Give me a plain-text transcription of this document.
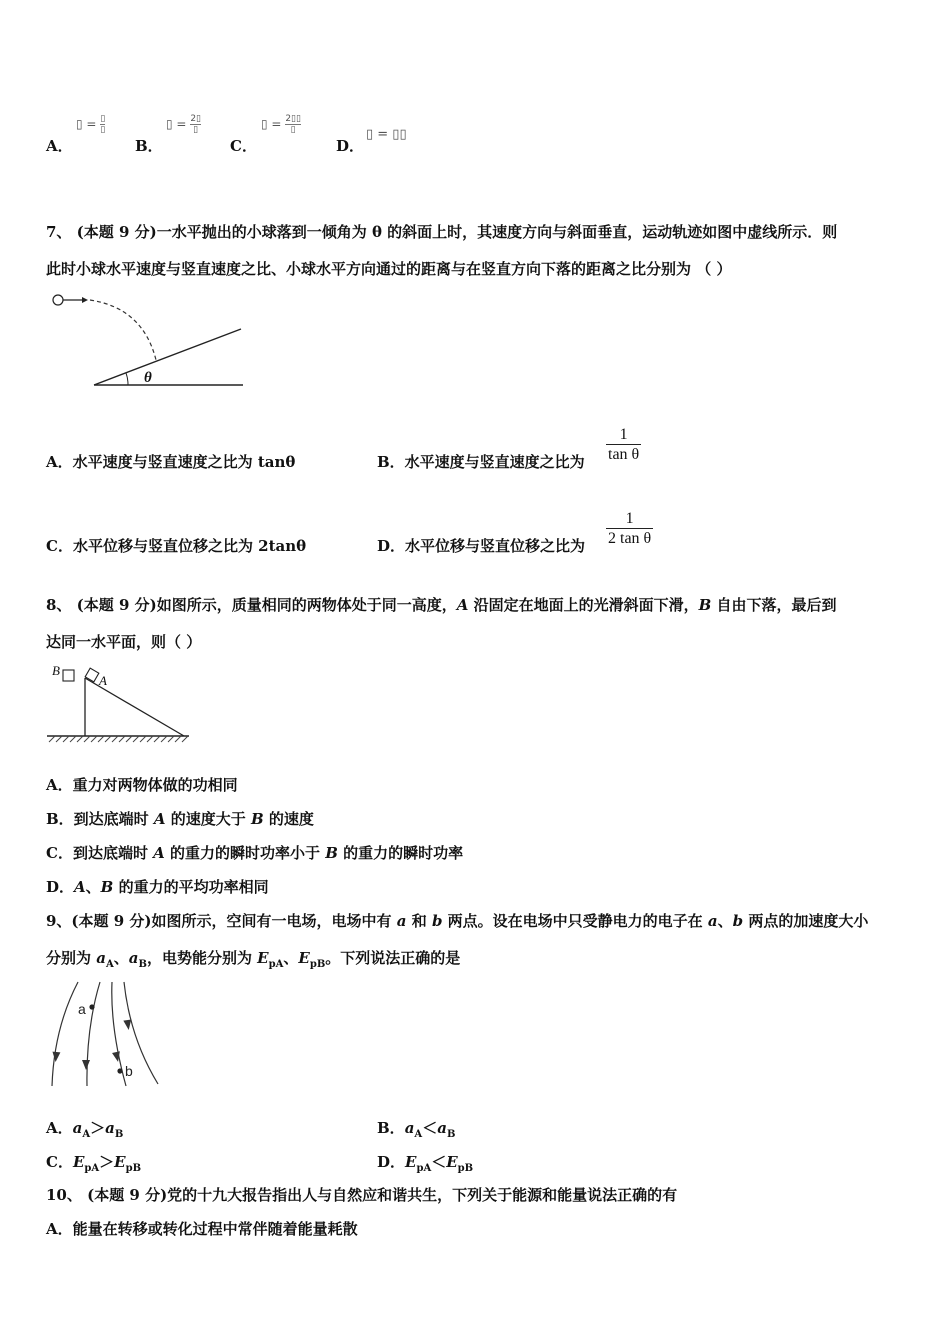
A．
▯ = ▯
▯
B．
▯ = 2▯
▯
C．
▯ = 2▯▯
▯
D．
▯ = ▯▯
7、 (本题 9 分)一水平抛出的小球落到一倾角为 θ 的斜面上时，其速度方向与斜面垂直，运动轨迹如图中虚线所示．则
此时小球水平速度与竖直速度之比、小球水平方向通过的距离与在竖直方向下落的距离之比分别为 （ ）
θ
A．水平速度与竖直速度之比为 tanθ	B．水平速度与竖直速度之比为 $\frac{1}{\text{tan θ}}$
C．水平位移与竖直位移之比为 2tanθ	D．水平位移与竖直位移之比为 $\frac{1}{\text{2 tan θ}}$
8、 (本题 9 分)如图所示，质量相同的两物体处于同一高度，A 沿固定在地面上的光滑斜面下滑，B 自由下落，最后到
达同一水平面，则（ ）
B
A
A．重力对两物体做的功相同
B．到达底端时 A 的速度大于 B 的速度
C．到达底端时 A 的重力的瞬时功率小于 B 的重力的瞬时功率
D．A、B 的重力的平均功率相同
9、(本题 9 分)如图所示，空间有一电场，电场中有 a 和 b 两点。设在电场中只受静电力的电子在 a、b 两点的加速度大小
分别为 $a_A$、$a_B$，电势能分别为 $E_{pA}$、$E_{pB}$。下列说法正确的是
a
b
A．$a_A>a_B$	B．$a_A<a_B$
C．$E_{pA}>E_{pB}$	D．$E_{pA}<E_{pB}$
10、 (本题 9 分)党的十九大报告指出人与自然应和谐共生，下列关于能源和能量说法正确的有
A．能量在转移或转化过程中常伴随着能量耗散
